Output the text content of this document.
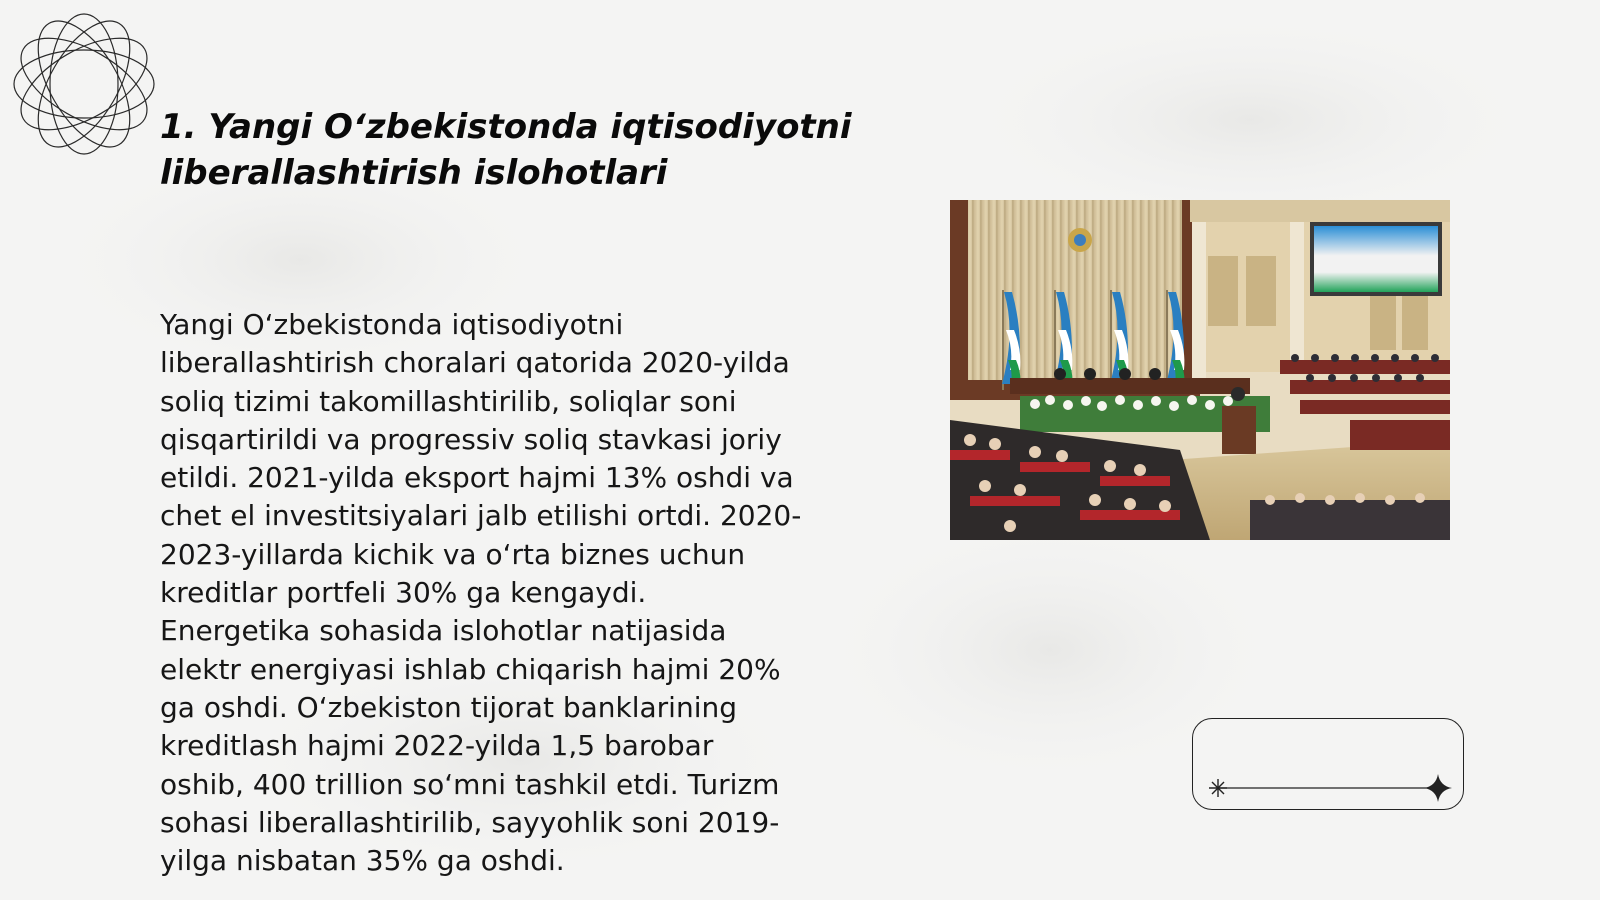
1. Yangi O‘zbekistonda iqtisodiyotni
liberallashtirish islohotlari
Yangi O‘zbekistonda iqtisodiyotni
liberallashtirish choralari qatorida 2020-yilda
soliq tizimi takomillashtirilib, soliqlar soni
qisqartirildi va progressiv soliq stavkasi joriy
etildi. 2021-yilda eksport hajmi 13% oshdi va
chet el investitsiyalari jalb etilishi ortdi. 2020-
2023-yillarda kichik va o‘rta biznes uchun
kreditlar portfeli 30% ga kengaydi.
Energetika sohasida islohotlar natijasida
elektr energiyasi ishlab chiqarish hajmi 20%
ga oshdi. O‘zbekiston tijorat banklarining
kreditlash hajmi 2022-yilda 1,5 barobar
oshib, 400 trillion so‘mni tashkil etdi. Turizm
sohasi liberallashtirilib, sayyohlik soni 2019-
yilga nisbatan 35% ga oshdi.
